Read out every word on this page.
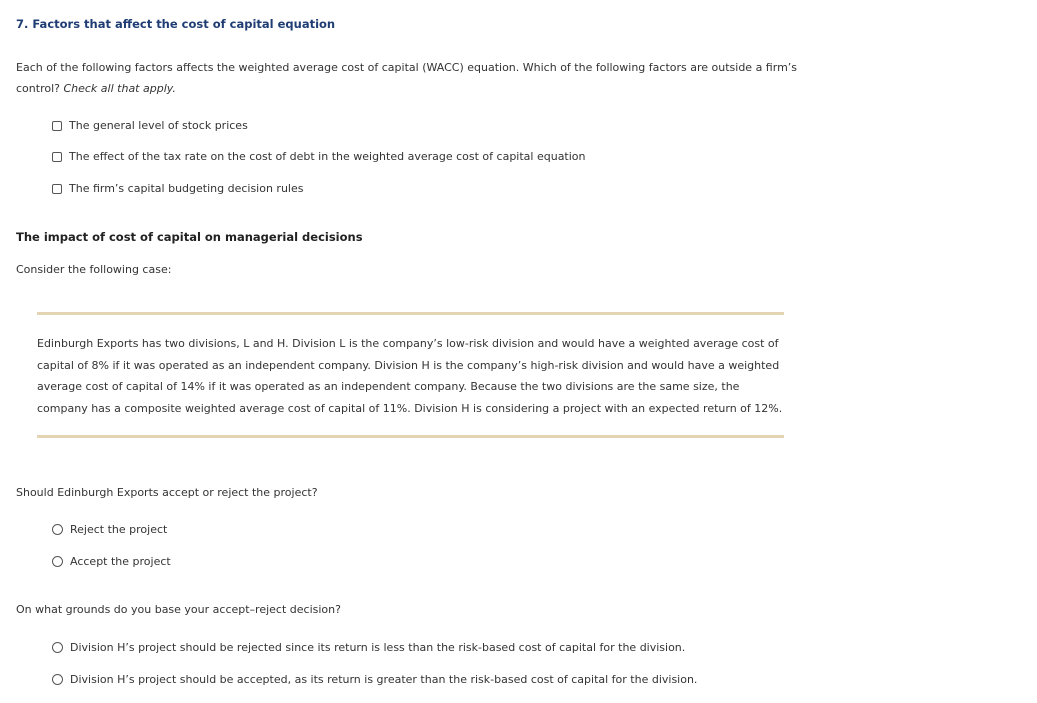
7. Factors that affect the cost of capital equation
Each of the following factors affects the weighted average cost of capital (WACC) equation. Which of the following factors are outside a firm’s
control? Check all that apply.
The general level of stock prices
The effect of the tax rate on the cost of debt in the weighted average cost of capital equation
The firm’s capital budgeting decision rules
The impact of cost of capital on managerial decisions
Consider the following case:
Edinburgh Exports has two divisions, L and H. Division L is the company’s low-risk division and would have a weighted average cost of capital of 8% if it was operated as an independent company. Division H is the company’s high-risk division and would have a weighted average cost of capital of 14% if it was operated as an independent company. Because the two divisions are the same size, the company has a composite weighted average cost of capital of 11%. Division H is considering a project with an expected return of 12%.
Should Edinburgh Exports accept or reject the project?
Reject the project
Accept the project
On what grounds do you base your accept–reject decision?
Division H’s project should be rejected since its return is less than the risk-based cost of capital for the division.
Division H’s project should be accepted, as its return is greater than the risk-based cost of capital for the division.
